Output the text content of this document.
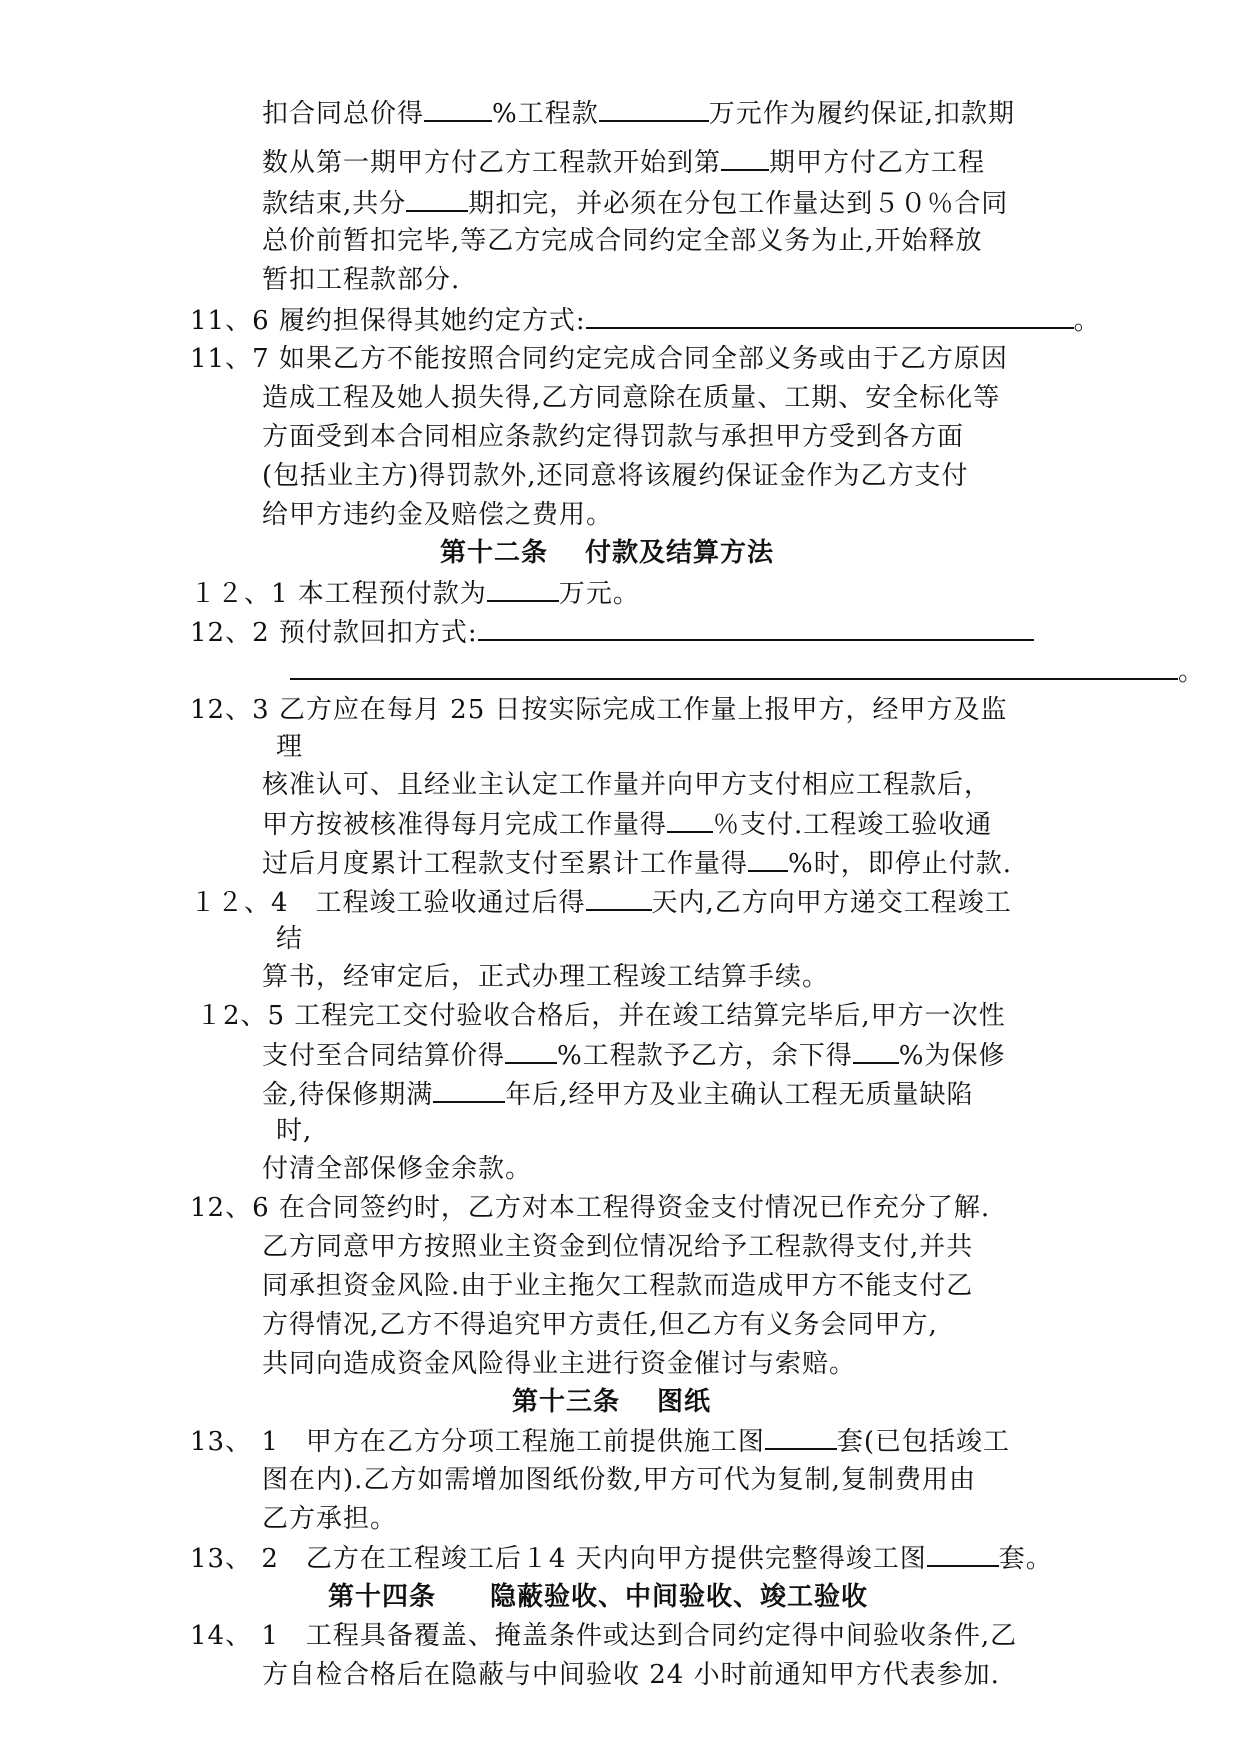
扣合同总价得	%工程款	万元作为履约保证,扣款期
数从第一期甲方付乙方工程款开始到第 期甲方付乙方工程
款结束,共分 期扣完，并必须在分包工作量达到５０％合同
总价前暂扣完毕,等乙方完成合同约定全部义务为止,开始释放
暂扣工程款部分.
11、6 履约担保得其她约定方式:	。
11、7 如果乙方不能按照合同约定完成合同全部义务或由于乙方原因
造成工程及她人损失得,乙方同意除在质量、工期、安全标化等
方面受到本合同相应条款约定得罚款与承担甲方受到各方面
(包括业主方)得罚款外,还同意将该履约保证金作为乙方支付
给甲方违约金及赔偿之费用。
第十二条　 付款及结算方法
１２、1 本工程预付款为	万元。
12、2 预付款回扣方式:
。
12、3 乙方应在每月 25 日按实际完成工作量上报甲方，经甲方及监
理
核准认可、且经业主认定工作量并向甲方支付相应工程款后，
甲方按被核准得每月完成工作量得 ％支付.工程竣工验收通
过后月度累计工程款支付至累计工作量得 %时，即停止付款.
１２、4　工程竣工验收通过后得	天内,乙方向甲方递交工程竣工
结
算书，经审定后，正式办理工程竣工结算手续。
１2、5 工程完工交付验收合格后，并在竣工结算完毕后,甲方一次性
支付至合同结算价得 %工程款予乙方，余下得 %为保修
金,待保修期满	年后,经甲方及业主确认工程无质量缺陷
时,
付清全部保修金余款。
12、6 在合同签约时，乙方对本工程得资金支付情况已作充分了解.
乙方同意甲方按照业主资金到位情况给予工程款得支付,并共
同承担资金风险.由于业主拖欠工程款而造成甲方不能支付乙
方得情况,乙方不得追究甲方责任,但乙方有义务会同甲方,
共同向造成资金风险得业主进行资金催讨与索赔。
第十三条　 图纸
13、 1　甲方在乙方分项工程施工前提供施工图	套(已包括竣工
图在内).乙方如需增加图纸份数,甲方可代为复制,复制费用由
乙方承担。
13、 2　乙方在工程竣工后１4 天内向甲方提供完整得竣工图	套。
第十四条　　隐蔽验收、中间验收、竣工验收
14、 1　工程具备覆盖、掩盖条件或达到合同约定得中间验收条件,乙
方自检合格后在隐蔽与中间验收 24 小时前通知甲方代表参加.
